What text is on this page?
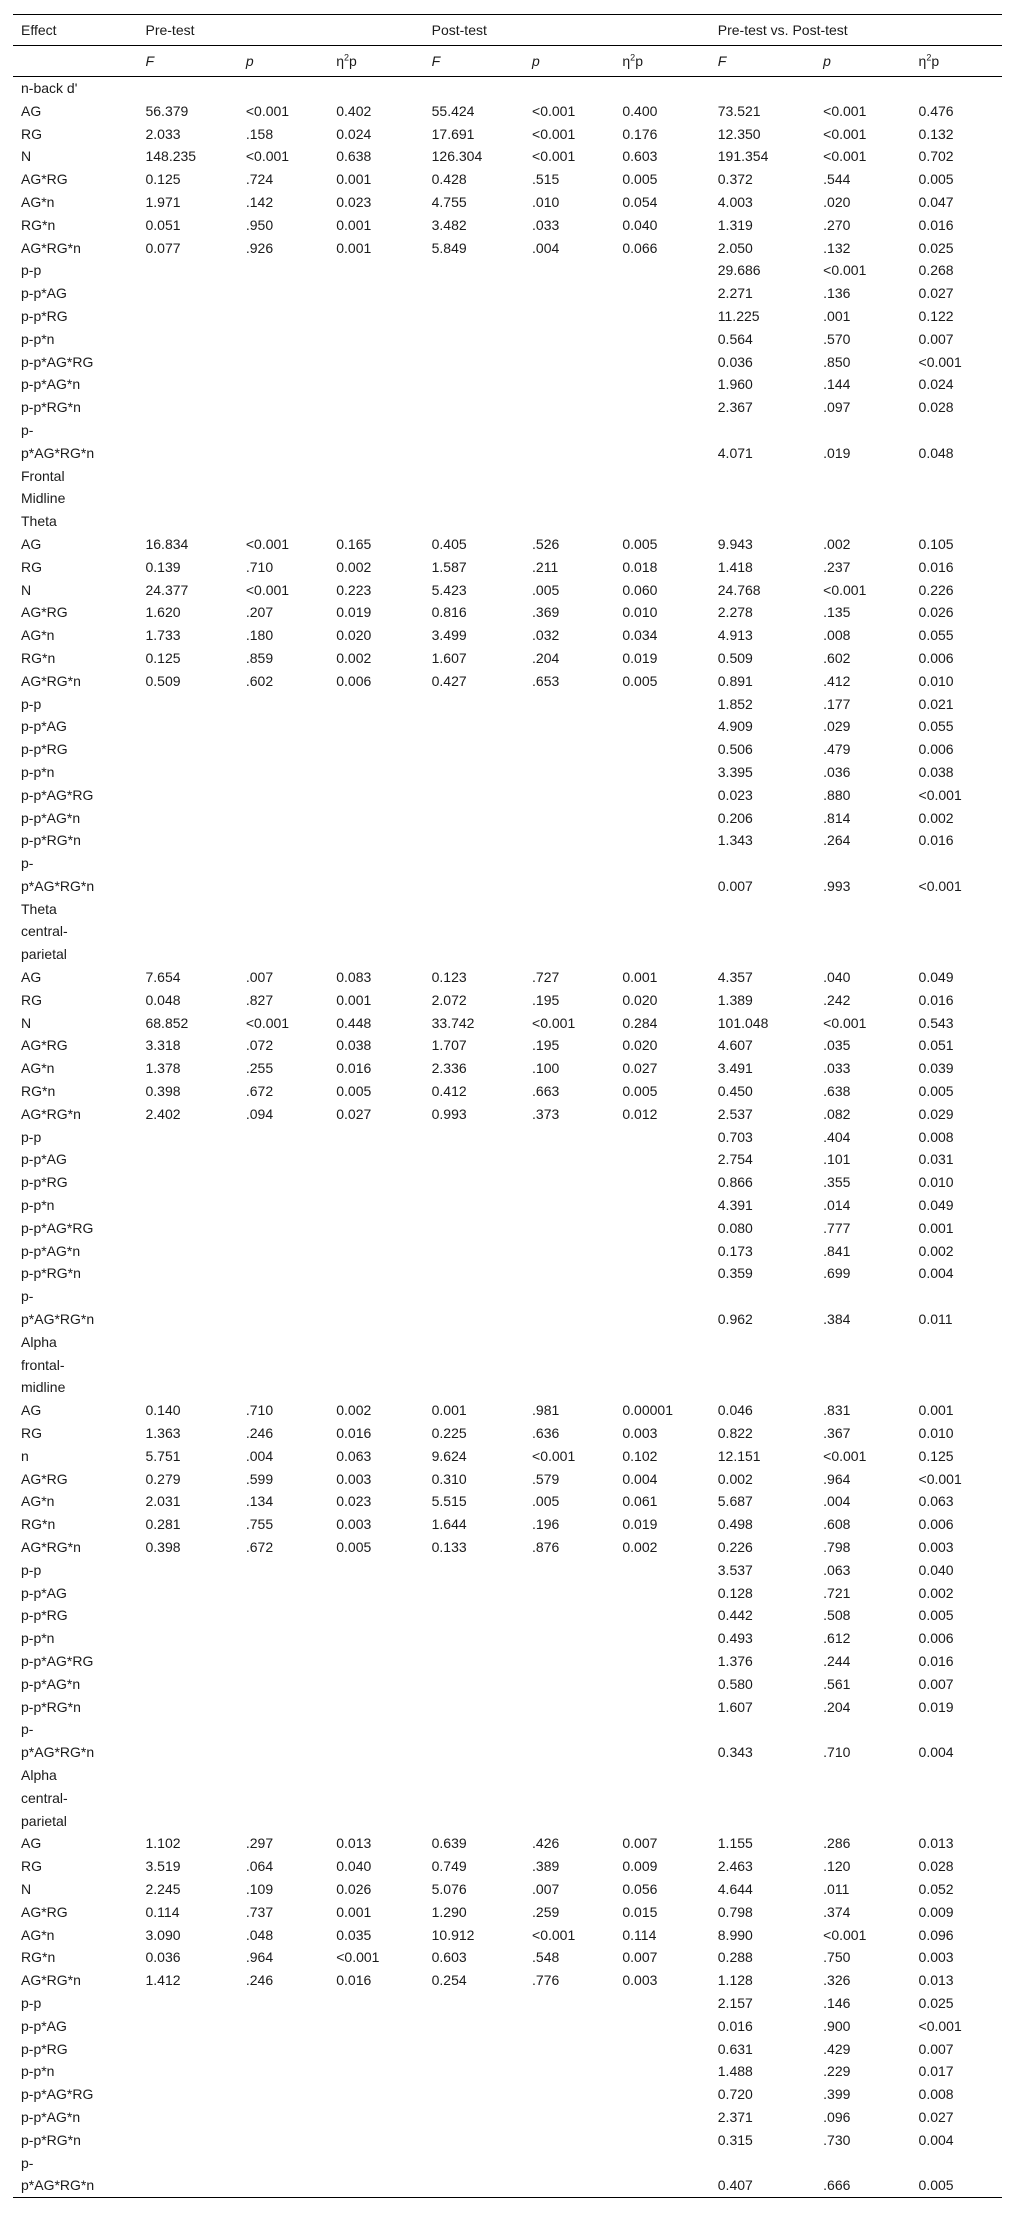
Effect	Pre-test			Post-test			Pre-test vs. Post-test		
	F	p	$\eta^2p$	F	p	$\eta^2p$	F	p	$\eta^2p$
n-back d'									
AG	56.379	<0.001	0.402	55.424	<0.001	0.400	73.521	<0.001	0.476
RG	2.033	.158	0.024	17.691	<0.001	0.176	12.350	<0.001	0.132
N	148.235	<0.001	0.638	126.304	<0.001	0.603	191.354	<0.001	0.702
AG*RG	0.125	.724	0.001	0.428	.515	0.005	0.372	.544	0.005
AG*n	1.971	.142	0.023	4.755	.010	0.054	4.003	.020	0.047
RG*n	0.051	.950	0.001	3.482	.033	0.040	1.319	.270	0.016
AG*RG*n	0.077	.926	0.001	5.849	.004	0.066	2.050	.132	0.025
p-p							29.686	<0.001	0.268
p-p*AG							2.271	.136	0.027
p-p*RG							11.225	.001	0.122
p-p*n							0.564	.570	0.007
p-p*AG*RG							0.036	.850	<0.001
p-p*AG*n							1.960	.144	0.024
p-p*RG*n							2.367	.097	0.028

p-
p*AG*RG*n							4.071	.019	0.048

Frontal
Midline
Theta									

AG	16.834	<0.001	0.165	0.405	.526	0.005	9.943	.002	0.105
RG	0.139	.710	0.002	1.587	.211	0.018	1.418	.237	0.016
N	24.377	<0.001	0.223	5.423	.005	0.060	24.768	<0.001	0.226
AG*RG	1.620	.207	0.019	0.816	.369	0.010	2.278	.135	0.026
AG*n	1.733	.180	0.020	3.499	.032	0.034	4.913	.008	0.055
RG*n	0.125	.859	0.002	1.607	.204	0.019	0.509	.602	0.006
AG*RG*n	0.509	.602	0.006	0.427	.653	0.005	0.891	.412	0.010
p-p							1.852	.177	0.021
p-p*AG							4.909	.029	0.055
p-p*RG							0.506	.479	0.006
p-p*n							3.395	.036	0.038
p-p*AG*RG							0.023	.880	<0.001
p-p*AG*n							0.206	.814	0.002
p-p*RG*n							1.343	.264	0.016

p-
p*AG*RG*n							0.007	.993	<0.001

Theta
central-
parietal									

AG	7.654	.007	0.083	0.123	.727	0.001	4.357	.040	0.049
RG	0.048	.827	0.001	2.072	.195	0.020	1.389	.242	0.016
N	68.852	<0.001	0.448	33.742	<0.001	0.284	101.048	<0.001	0.543
AG*RG	3.318	.072	0.038	1.707	.195	0.020	4.607	.035	0.051
AG*n	1.378	.255	0.016	2.336	.100	0.027	3.491	.033	0.039
RG*n	0.398	.672	0.005	0.412	.663	0.005	0.450	.638	0.005
AG*RG*n	2.402	.094	0.027	0.993	.373	0.012	2.537	.082	0.029
p-p							0.703	.404	0.008
p-p*AG							2.754	.101	0.031
p-p*RG							0.866	.355	0.010
p-p*n							4.391	.014	0.049
p-p*AG*RG							0.080	.777	0.001
p-p*AG*n							0.173	.841	0.002
p-p*RG*n							0.359	.699	0.004

p-
p*AG*RG*n							0.962	.384	0.011

Alpha
frontal-
midline									

AG	0.140	.710	0.002	0.001	.981	0.00001	0.046	.831	0.001
RG	1.363	.246	0.016	0.225	.636	0.003	0.822	.367	0.010
n	5.751	.004	0.063	9.624	<0.001	0.102	12.151	<0.001	0.125
AG*RG	0.279	.599	0.003	0.310	.579	0.004	0.002	.964	<0.001
AG*n	2.031	.134	0.023	5.515	.005	0.061	5.687	.004	0.063
RG*n	0.281	.755	0.003	1.644	.196	0.019	0.498	.608	0.006
AG*RG*n	0.398	.672	0.005	0.133	.876	0.002	0.226	.798	0.003
p-p							3.537	.063	0.040
p-p*AG							0.128	.721	0.002
p-p*RG							0.442	.508	0.005
p-p*n							0.493	.612	0.006
p-p*AG*RG							1.376	.244	0.016
p-p*AG*n							0.580	.561	0.007
p-p*RG*n							1.607	.204	0.019

p-
p*AG*RG*n							0.343	.710	0.004

Alpha
central-
parietal									

AG	1.102	.297	0.013	0.639	.426	0.007	1.155	.286	0.013
RG	3.519	.064	0.040	0.749	.389	0.009	2.463	.120	0.028
N	2.245	.109	0.026	5.076	.007	0.056	4.644	.011	0.052
AG*RG	0.114	.737	0.001	1.290	.259	0.015	0.798	.374	0.009
AG*n	3.090	.048	0.035	10.912	<0.001	0.114	8.990	<0.001	0.096
RG*n	0.036	.964	<0.001	0.603	.548	0.007	0.288	.750	0.003
AG*RG*n	1.412	.246	0.016	0.254	.776	0.003	1.128	.326	0.013
p-p							2.157	.146	0.025
p-p*AG							0.016	.900	<0.001
p-p*RG							0.631	.429	0.007
p-p*n							1.488	.229	0.017
p-p*AG*RG							0.720	.399	0.008
p-p*AG*n							2.371	.096	0.027
p-p*RG*n							0.315	.730	0.004

p-
p*AG*RG*n							0.407	.666	0.005
